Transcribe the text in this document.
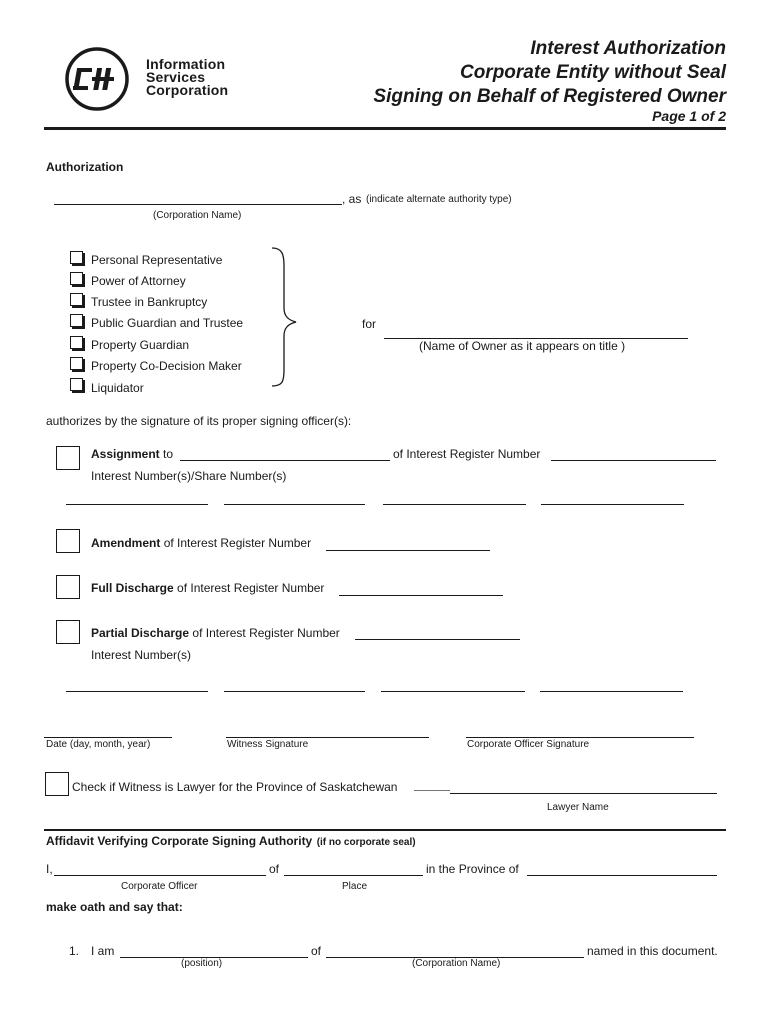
Information
Services
Corporation
Interest Authorization
Corporate Entity without Seal
Signing on Behalf of Registered Owner
Page 1 of 2
Authorization
, as (indicate alternate authority type)
(Corporation Name)
Personal Representative
Power of Attorney
Trustee in Bankruptcy
Public Guardian and Trustee
Property Guardian
Property Co-Decision Maker
Liquidator
for
(Name of Owner as it appears on title )
authorizes by the signature of its proper signing officer(s):
Assignment to	of Interest Register Number
Interest Number(s)/Share Number(s)
Amendment of Interest Register Number
Full Discharge of Interest Register Number
Partial Discharge of Interest Register Number
Interest Number(s)
Date (day, month, year)	Witness Signature	Corporate Officer Signature
Check if Witness is Lawyer for the Province of Saskatchewan
Lawyer Name
Affidavit Verifying Corporate Signing Authority (if no corporate seal)
I,	of	in the Province of
Corporate Officer	Place
make oath and say that:
1. I am	of	named in this document.
(position)	(Corporation Name)
